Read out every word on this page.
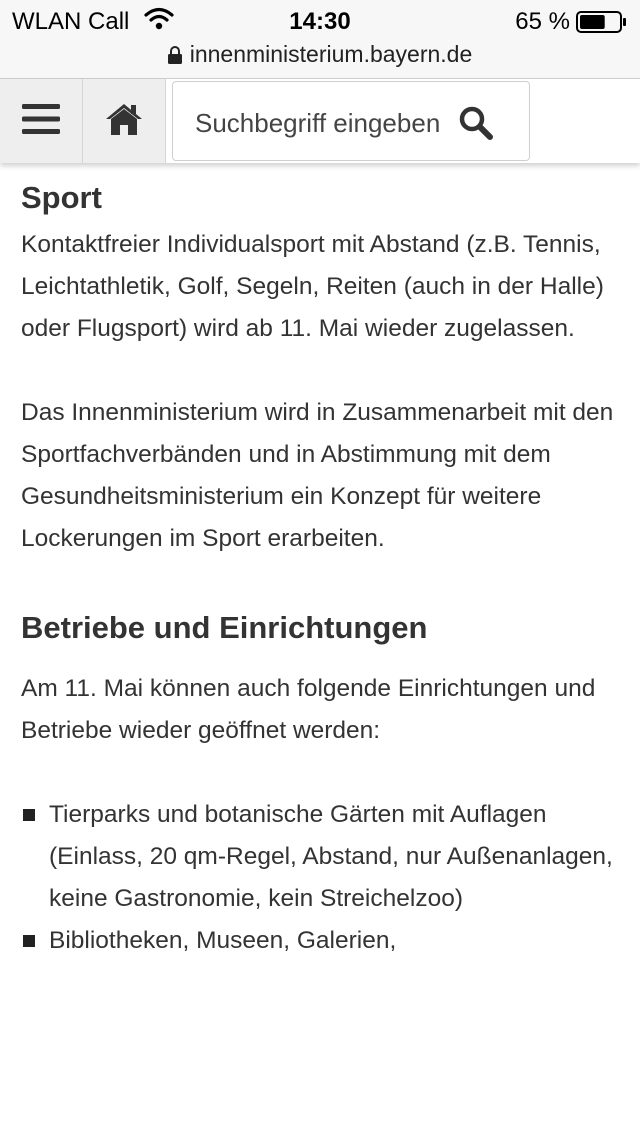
WLAN Call	14:30	65 %
innenministerium.bayern.de
Suchbegriff eingeben
Sport

Kontaktfreier Individualsport mit Abstand (z.B. Tennis, Leichtathletik, Golf, Segeln, Reiten (auch in der Halle) oder Flugsport) wird ab 11. Mai wieder zugelassen.

Das Innenministerium wird in Zusammenarbeit mit den Sportfachverbänden und in Abstimmung mit dem Gesundheitsministerium ein Konzept für weitere Lockerungen im Sport erarbeiten.

Betriebe und Einrichtungen

Am 11. Mai können auch folgende Einrichtungen und Betriebe wieder geöffnet werden:

Tierparks und botanische Gärten mit Auflagen (Einlass, 20 qm-Regel, Abstand, nur Außenanlagen, keine Gastronomie, kein Streichelzoo)
Bibliotheken, Museen, Galerien,
